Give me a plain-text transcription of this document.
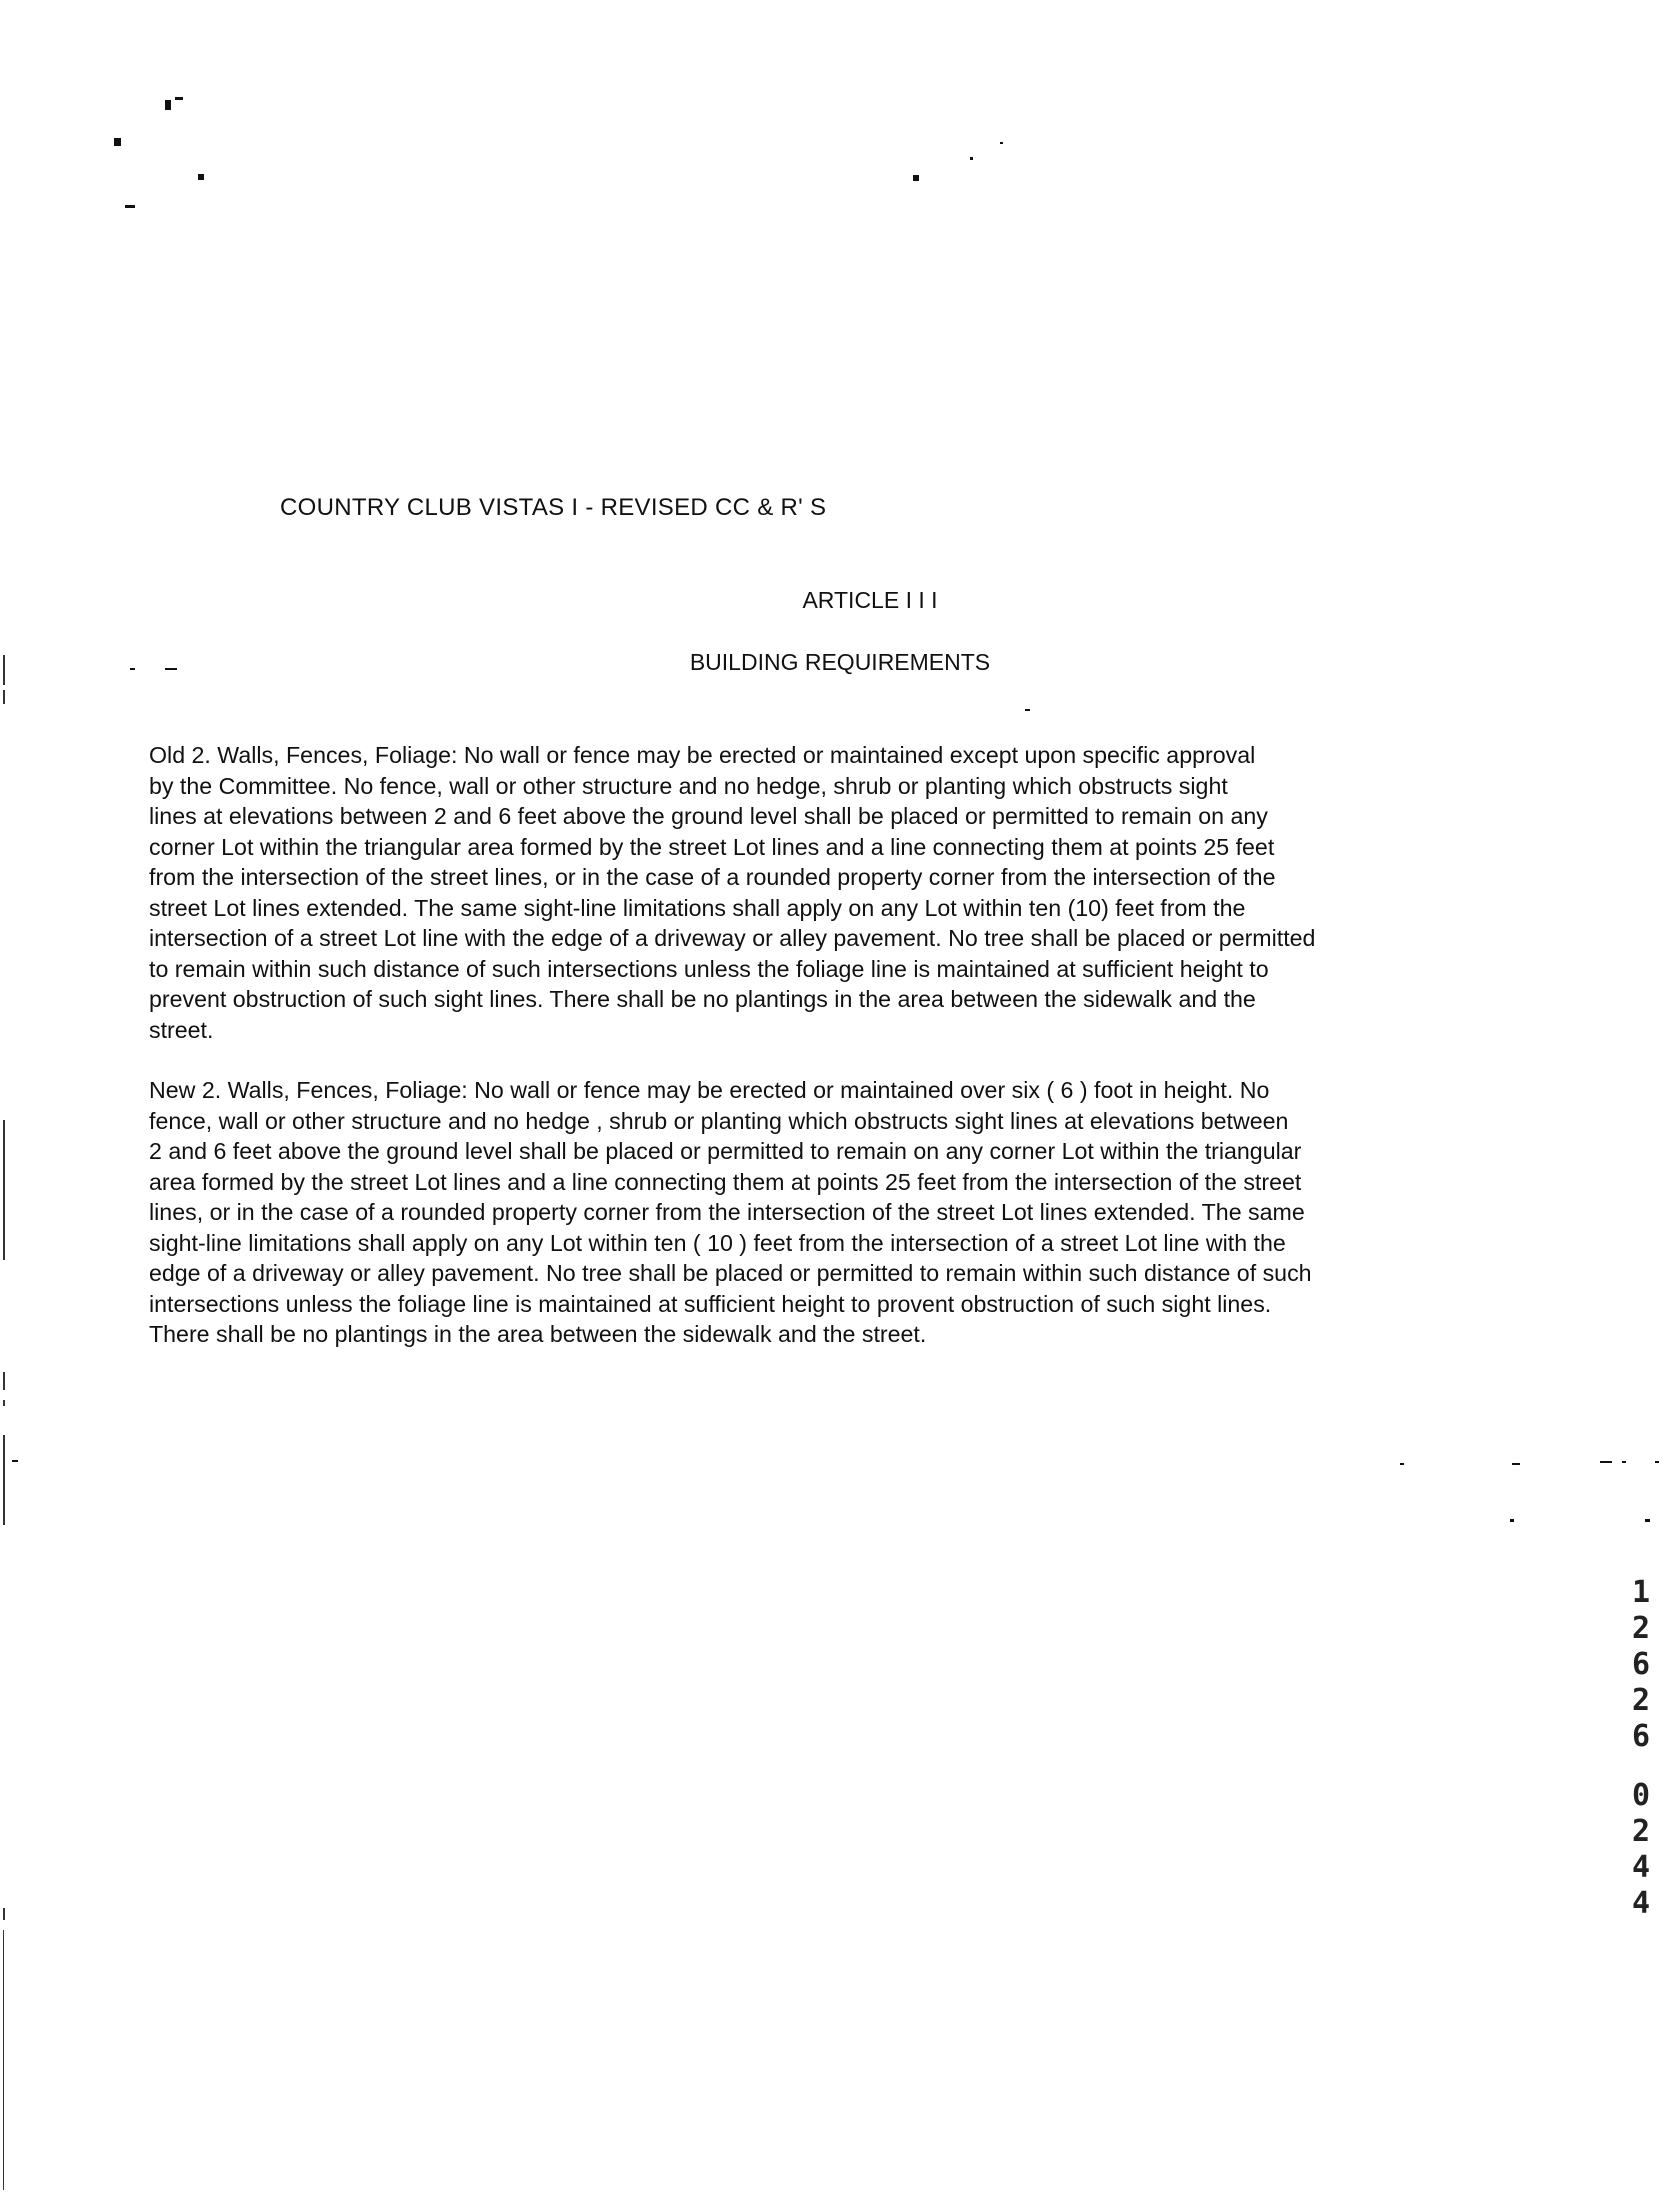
COUNTRY CLUB VISTAS I - REVISED CC & R' S
ARTICLE I I I
BUILDING REQUIREMENTS
Old 2. Walls, Fences, Foliage: No wall or fence may be erected or maintained except upon specific approval
by the Committee. No fence, wall or other structure and no hedge, shrub or planting which obstructs sight
lines at elevations between 2 and 6 feet above the ground level shall be placed or permitted to remain on any
corner Lot within the triangular area formed by the street Lot lines and a line connecting them at points 25 feet
from the intersection of the street lines, or in the case of a rounded property corner from the intersection of the
street Lot lines extended. The same sight-line limitations shall apply on any Lot within ten (10) feet from the
intersection of a street Lot line with the edge of a driveway or alley pavement. No tree shall be placed or permitted
to remain within such distance of such intersections unless the foliage line is maintained at sufficient height to
prevent obstruction of such sight lines. There shall be no plantings in the area between the sidewalk and the
street.
New 2. Walls, Fences, Foliage: No wall or fence may be erected or maintained over six ( 6 ) foot in height. No
fence, wall or other structure and no hedge , shrub or planting which obstructs sight lines at elevations between
2 and 6 feet above the ground level shall be placed or permitted to remain on any corner Lot within the triangular
area formed by the street Lot lines and a line connecting them at points 25 feet from the intersection of the street
lines, or in the case of a rounded property corner from the intersection of the street Lot lines extended. The same
sight-line limitations shall apply on any Lot within ten ( 10 ) feet from the intersection of a street Lot line with the
edge of a driveway or alley pavement. No tree shall be placed or permitted to remain within such distance of such
intersections unless the foliage line is maintained at sufficient height to provent obstruction of such sight lines.
There shall be no plantings in the area between the sidewalk and the street.
1
2
6
2
6
0
2
4
4
